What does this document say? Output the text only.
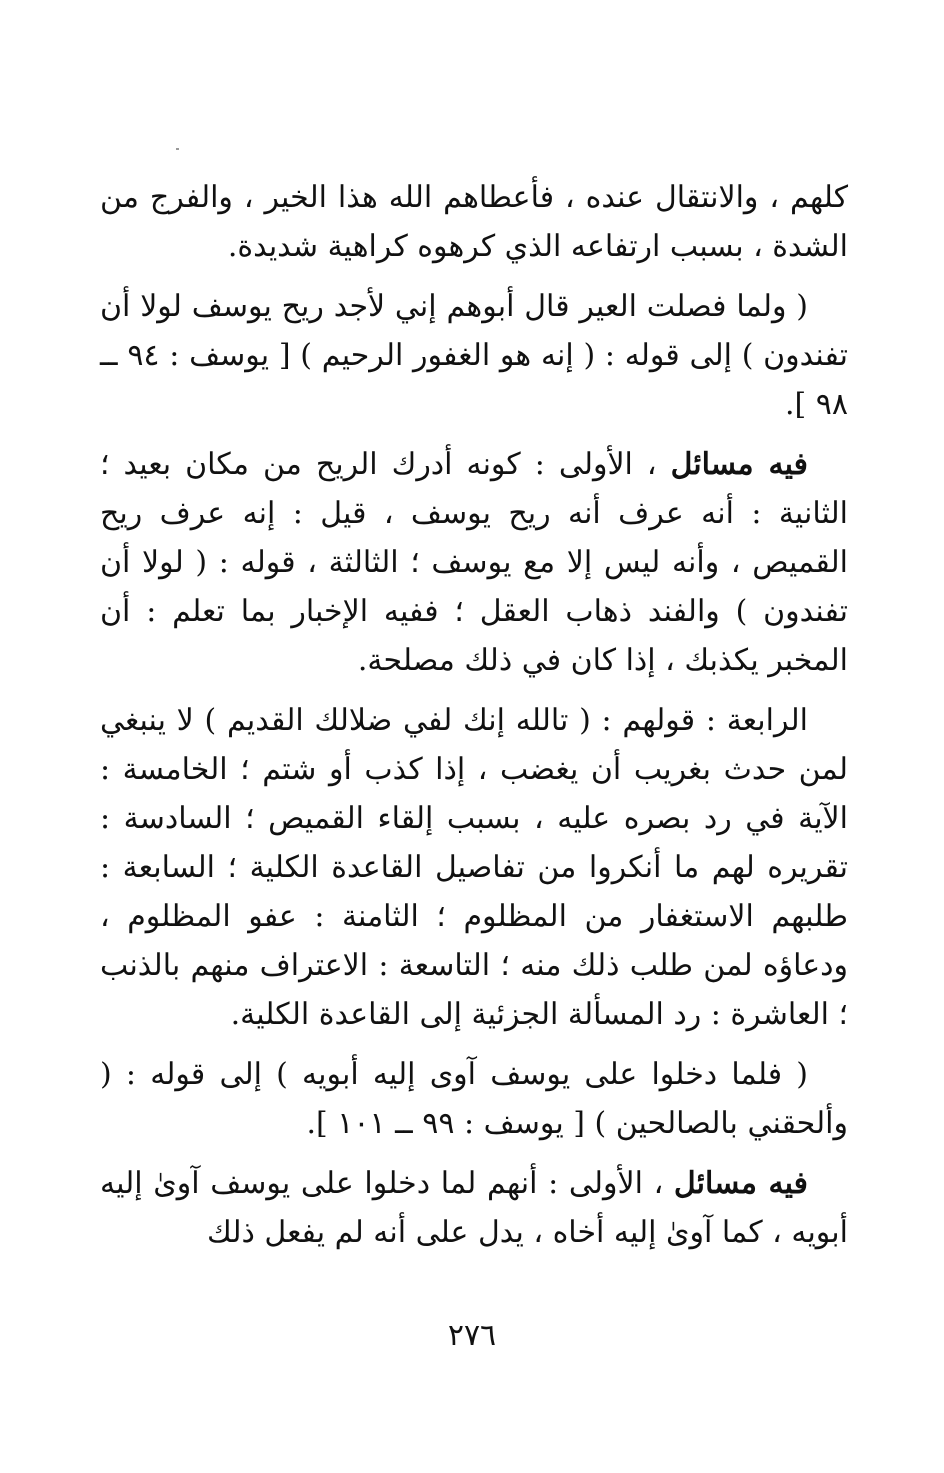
كلهم ، والانتقال عنده ، فأعطاهم الله هذا الخير ، والفرج من الشدة ، بسبب ارتفاعه الذي كرهوه كراهية شديدة.

( ولما فصلت العير قال أبوهم إني لأجد ريح يوسف لولا أن تفندون ) إلى قوله : ( إنه هو الغفور الرحيم ) [ يوسف : ٩٤ ــ ٩٨ ].

فيه مسائل ، الأولى : كونه أدرك الريح من مكان بعيد ؛ الثانية : أنه عرف أنه ريح يوسف ، قيل : إنه عرف ريح القميص ، وأنه ليس إلا مع يوسف ؛ الثالثة ، قوله : ( لولا أن تفندون ) والفند ذهاب العقل ؛ ففيه الإخبار بما تعلم : أن المخبر يكذبك ، إذا كان في ذلك مصلحة.

الرابعة : قولهم : ( تالله إنك لفي ضلالك القديم ) لا ينبغي لمن حدث بغريب أن يغضب ، إذا كذب أو شتم ؛ الخامسة : الآية في رد بصره عليه ، بسبب إلقاء القميص ؛ السادسة : تقريره لهم ما أنكروا من تفاصيل القاعدة الكلية ؛ السابعة : طلبهم الاستغفار من المظلوم ؛ الثامنة : عفو المظلوم ، ودعاؤه لمن طلب ذلك منه ؛ التاسعة : الاعتراف منهم بالذنب ؛ العاشرة : رد المسألة الجزئية إلى القاعدة الكلية.

( فلما دخلوا على يوسف آوى إليه أبويه ) إلى قوله : ( وألحقني بالصالحين ) [ يوسف : ٩٩ ــ ١٠١ ].

فيه مسائل ، الأولى : أنهم لما دخلوا على يوسف آوىٰ إليه أبويه ، كما آوىٰ إليه أخاه ، يدل على أنه لم يفعل ذلك

٢٧٦
